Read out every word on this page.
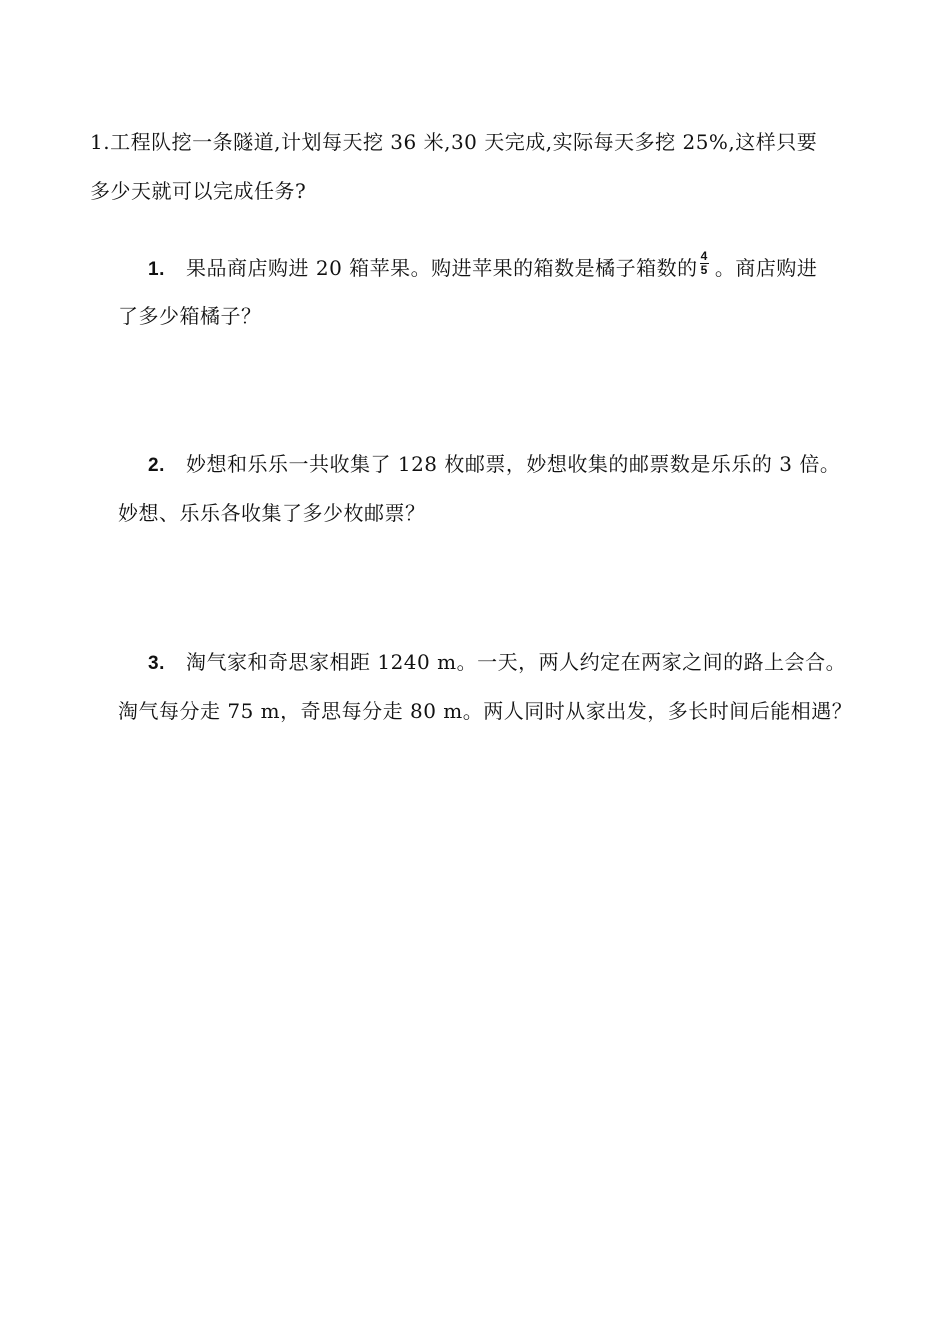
1.工程队挖一条隧道,计划每天挖 36 米,30 天完成,实际每天多挖 25%,这样只要
多少天就可以完成任务?
1. 果品商店购进 20 箱苹果。购进苹果的箱数是橘子箱数的 $\frac{4}{5}$ 。商店购进
了多少箱橘子？
2. 妙想和乐乐一共收集了 128 枚邮票，妙想收集的邮票数是乐乐的 3 倍。
妙想、乐乐各收集了多少枚邮票？
3. 淘气家和奇思家相距 1240 m。一天，两人约定在两家之间的路上会合。
淘气每分走 75 m，奇思每分走 80 m。两人同时从家出发，多长时间后能相遇？
